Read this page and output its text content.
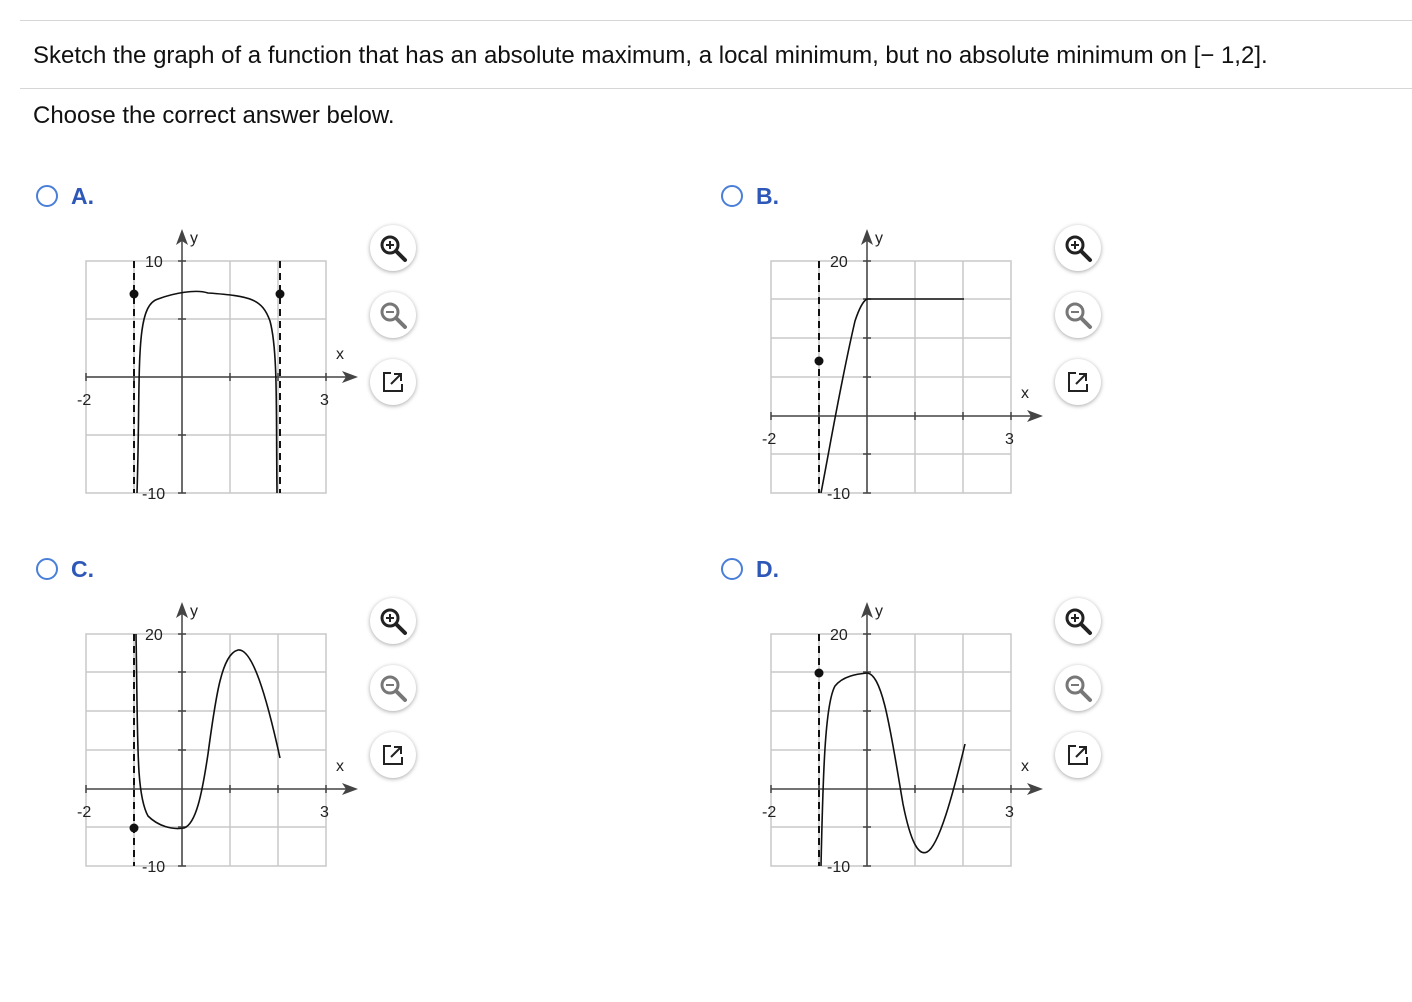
Sketch the graph of a function that has an absolute maximum, a local minimum, but no absolute minimum on [− 1,2].
Choose the correct answer below.
A.
-2	3
10
-10
x
y
B.
-2	3
20
-10
x
y
C.
-2	3
20
-10
x
y
D.
-2	3
20
-10
x
y
